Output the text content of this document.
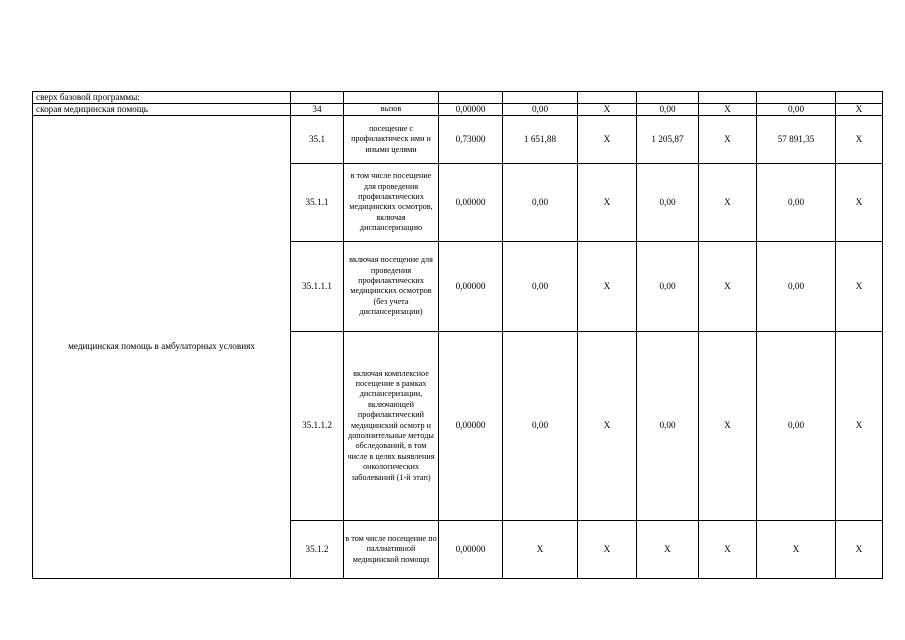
сверх базовой программы:									
скорая медицинская помощь	34	вызов	0,00000	0,00	Х	0,00	Х	0,00	Х
медицинская помощь в амбулаторных условиях	35.1	посещение с профилактическ ими и иными целями	0,73000	1 651,88	Х	1 205,87	Х	57 891,35	Х
	35.1.1	в том числе посещение для проведения профилактических медицинских осмотров, включая диспансеризацию	0,00000	0,00	Х	0,00	Х	0,00	Х
	35.1.1.1	включая посещение для проведения профилактических медицинских осмотров (без учета диспансеризации)	0,00000	0,00	Х	0,00	Х	0,00	Х
	35.1.1.2	включая комплексное посещение в рамках диспансеризации, включающей профилактический медицинский осмотр и дополнительные методы обследований, в том числе в целях выявления онкологических заболеваний (1-й этап)	0,00000	0,00	Х	0,00	Х	0,00	Х
	35.1.2	в том числе посещение по паллиативной медицинской помощи	0,00000	Х	Х	Х	Х	Х	Х
